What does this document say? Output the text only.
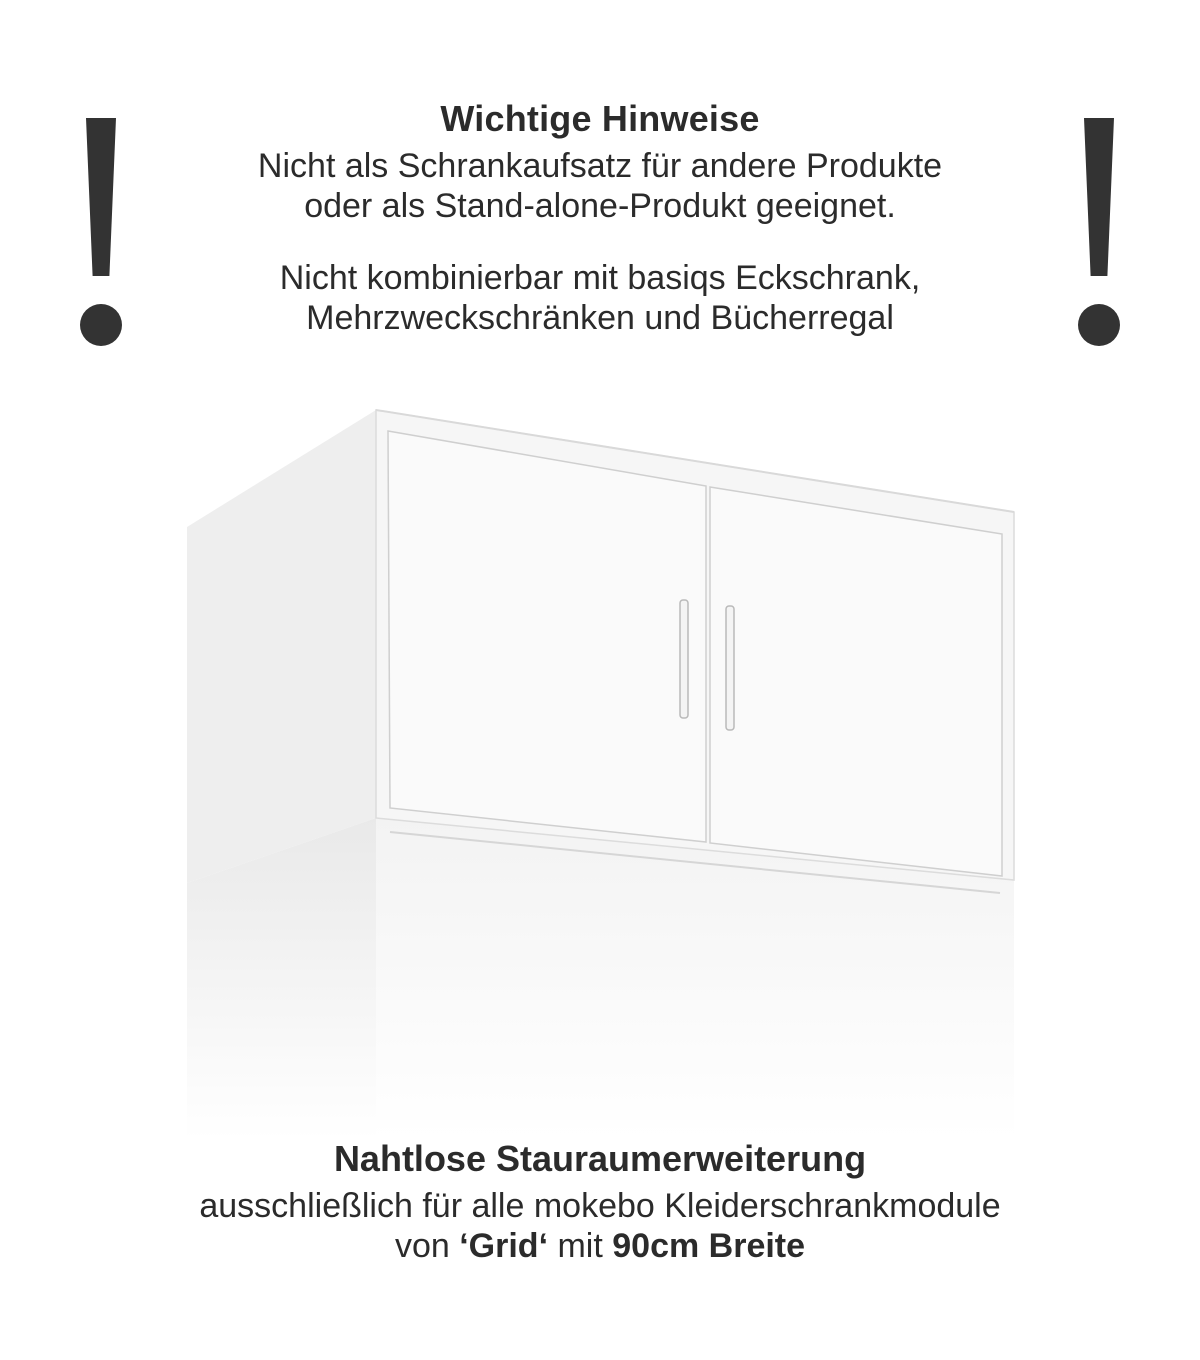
Wichtige Hinweise
Nicht als Schrankaufsatz für andere Produkte
oder als Stand-alone-Produkt geeignet.
Nicht kombinierbar mit basiqs Eckschrank,
Mehrzweckschränken und Bücherregal
Nahtlose Stauraumerweiterung
ausschließlich für alle mokebo Kleiderschrankmodule
von ‘Grid‘ mit 90cm Breite
